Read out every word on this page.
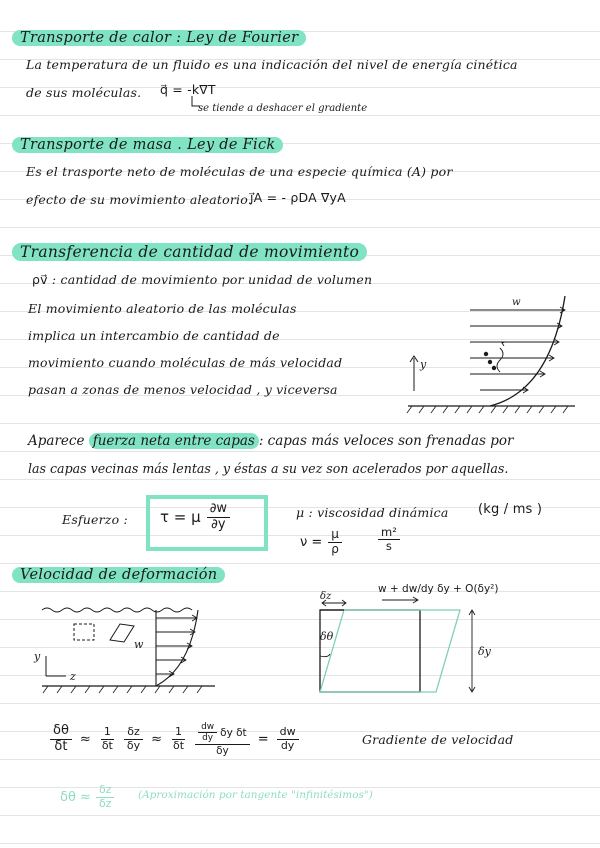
Transporte de calor : Ley de Fourier
La temperatura de un fluido es una indicación del nivel de energía cinética
de sus moléculas. q⃗ = -k∇T
se tiende a deshacer el gradiente
Transporte de masa . Ley de Fick
Es el trasporte neto de moléculas de una especie química (A) por
efecto de su movimiento aleatorio.
j⃗A = - ρDA ∇yA
Transferencia de cantidad de movimiento
ρv⃗ : cantidad de movimiento por unidad de volumen
El movimiento aleatorio de las moléculas
implica un intercambio de cantidad de
movimiento cuando moléculas de más velocidad
pasan a zonas de menos velocidad , y viceversa
w
y
Aparece fuerza neta entre capas : capas más veloces son frenadas por
las capas vecinas más lentas , y éstas a su vez son acelerados por aquellas.
Esfuerzo : τ = μ $\frac{\partial w}{\partial y}$	μ : viscosidad dinámica (kg / ms )
$\nu = \frac{\mu}{\rho}$	$\frac{\text{m²}}{s}$
Velocidad de deformación
w
y
z
w + dw/dy δy + O(δy²)
δz
δθ
δy
$\frac{\delta\theta}{\delta t} \approx \frac{1}{\delta t} \frac{\delta z}{\delta y} \approx \frac{1}{\delta t} \frac{\frac{dw}{dy} \delta y \delta t}{\delta y} = \frac{dw}{dy}$	Gradiente de velocidad
$\delta\theta \approx \frac{\delta z}{\delta z}$ (Aproximación por tangente "infinitésimos")
